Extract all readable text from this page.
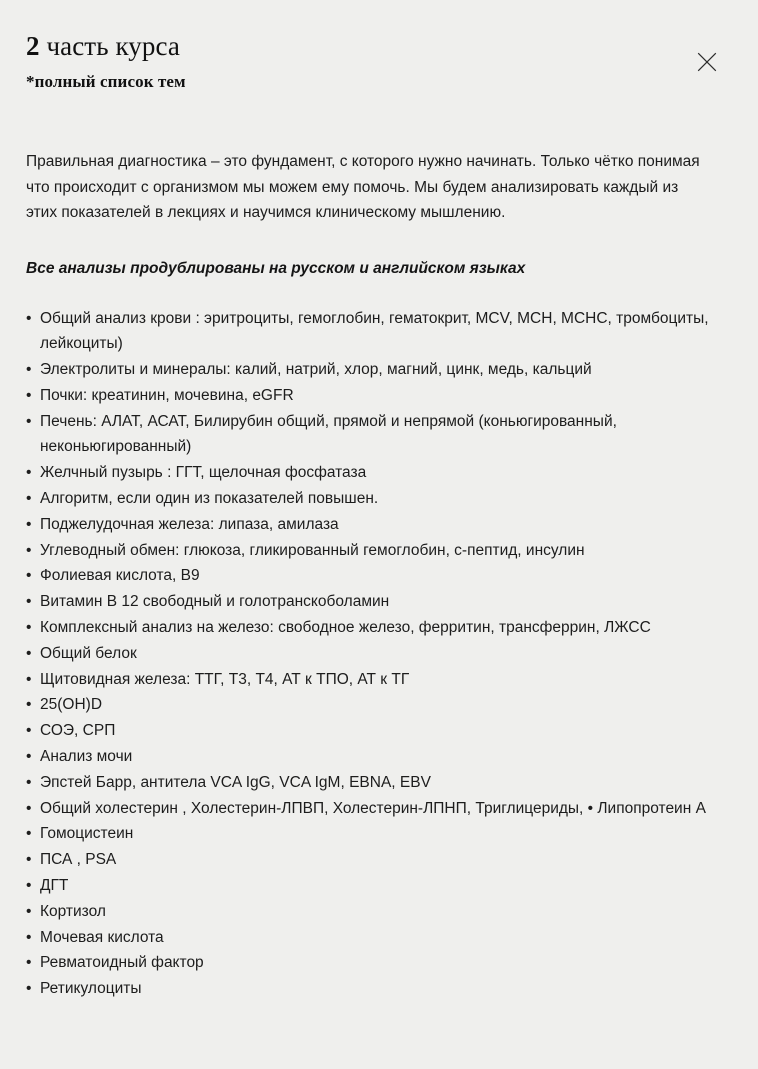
2 часть курса

*полный список тем

Правильная диагностика – это фундамент, с которого нужно начинать. Только чётко понимая что происходит с организмом мы можем ему помочь. Мы будем анализировать каждый из этих показателей в лекциях и научимся клиническому мышлению.

Все анализы продублированы на русском и английском языках

• Общий анализ крови : эритроциты, гемоглобин, гематокрит, MCV, MCH, MCHC, тромбоциты, лейкоциты)
• Электролиты и минералы: калий, натрий, хлор, магний, цинк, медь, кальций
• Почки: креатинин, мочевина, eGFR
• Печень: АЛАТ, АСАТ, Билирубин общий, прямой и непрямой (коньюгированный, неконьюгированный)
• Желчный пузырь : ГГТ, щелочная фосфатаза
• Алгоритм, если один из показателей повышен.
• Поджелудочная железа: липаза, амилаза
• Углеводный обмен: глюкоза, гликированный гемоглобин, с-пептид, инсулин
• Фолиевая кислота, B9
• Витамин В 12 свободный и голотранскоболамин
• Комплексный анализ на железо: свободное железо, ферритин, трансферрин, ЛЖСС
• Общий белок
• Щитовидная железа: ТТГ, Т3, Т4, АТ к ТПО, АТ к ТГ
• 25(OH)D
• СОЭ, СРП
• Анализ мочи
• Эпстей Барр, антитела VCA IgG, VCA IgM, EBNA, EBV
• Общий холестерин , Холестерин-ЛПВП, Холестерин-ЛПНП, Триглицериды, • Липопротеин А
• Гомоцистеин
• ПСА , PSA
• ДГТ
• Кортизол
• Мочевая кислота
• Ревматоидный фактор
• Ретикулоциты
